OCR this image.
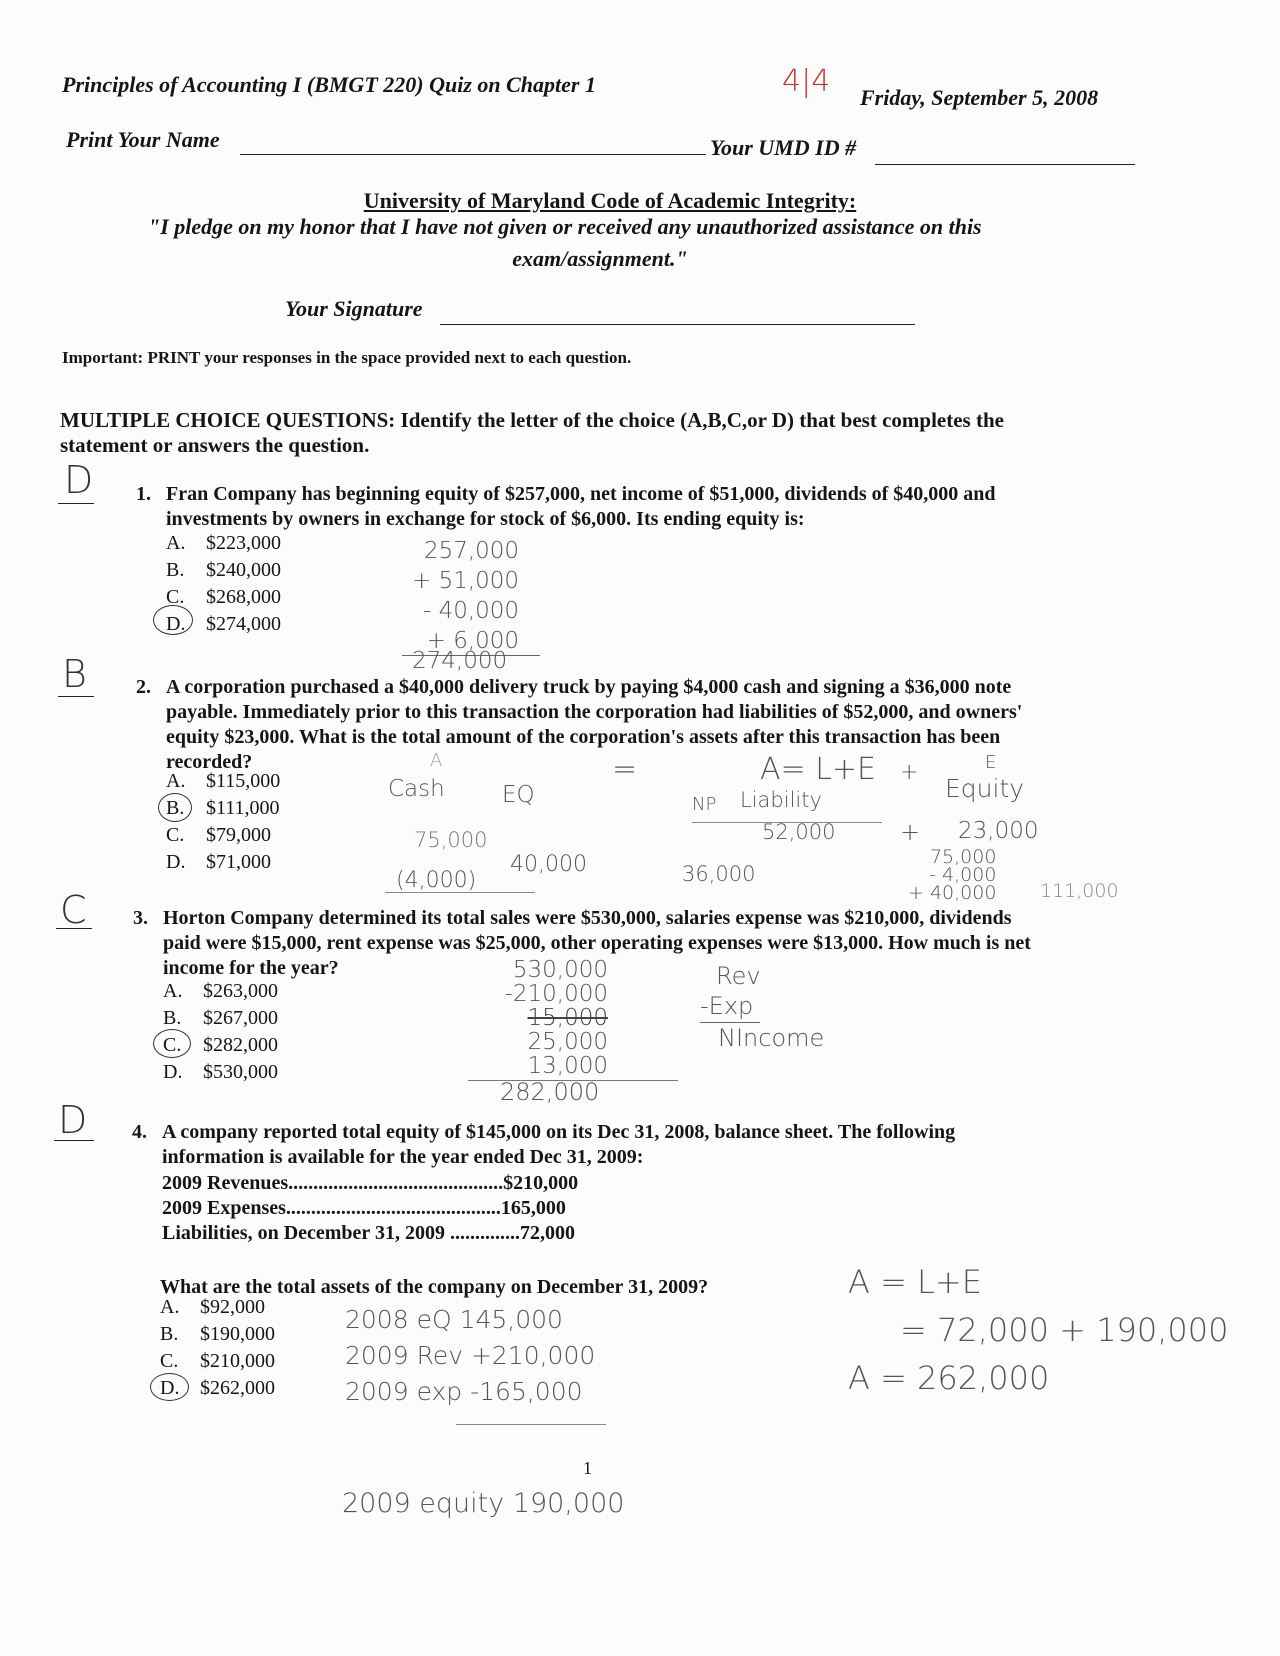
Principles of Accounting I (BMGT 220) Quiz on Chapter 1	4|4 Friday, September 5, 2008
Print Your Name	Your UMD ID #
University of Maryland Code of Academic Integrity:
"I pledge on my honor that I have not given or received any unauthorized assistance on this
exam/assignment."
Your Signature
Important: PRINT your responses in the space provided next to each question.
MULTIPLE CHOICE QUESTIONS: Identify the letter of the choice (A,B,C,or D) that best completes the
statement or answers the question.
D 1. Fran Company has beginning equity of $257,000, net income of $51,000, dividends of $40,000 and
investments by owners in exchange for stock of $6,000. Its ending equity is:
A. $223,000
B. $240,000
C. $268,000
D. $274,000
257,000
+ 51,000
- 40,000
+ 6,000
274,000
B 2. A corporation purchased a $40,000 delivery truck by paying $4,000 cash and signing a $36,000 note
payable. Immediately prior to this transaction the corporation had liabilities of $52,000, and owners'
equity $23,000. What is the total amount of the corporation's assets after this transaction has been
recorded?
A. $115,000
B. $111,000
C. $79,000
D. $71,000
A
Cash EQ
=	A= L+E +	E
Equity
NP Liability
75,000	52,000	+ 23,000
(4,000)
40,000	36,000
75,000
- 4,000
+ 40,000 111,000
C 3. Horton Company determined its total sales were $530,000, salaries expense was $210,000, dividends
paid were $15,000, rent expense was $25,000, other operating expenses were $13,000. How much is net
income for the year?
A. $263,000
B. $267,000
C. $282,000
D. $530,000
530,000
-210,000
15,000
25,000
13,000
282,000
Rev
-Exp
NIncome
D 4. A company reported total equity of $145,000 on its Dec 31, 2008, balance sheet. The following
information is available for the year ended Dec 31, 2009:
2009 Revenues...........................................$210,000
2009 Expenses...........................................165,000
Liabilities, on December 31, 2009 ..............72,000
What are the total assets of the company on December 31, 2009?
A. $92,000
B. $190,000
C. $210,000
D. $262,000
2008 eQ 145,000
2009 Rev +210,000
2009 exp -165,000
A = L+E
= 72,000 + 190,000
A = 262,000
1
2009 equity 190,000
